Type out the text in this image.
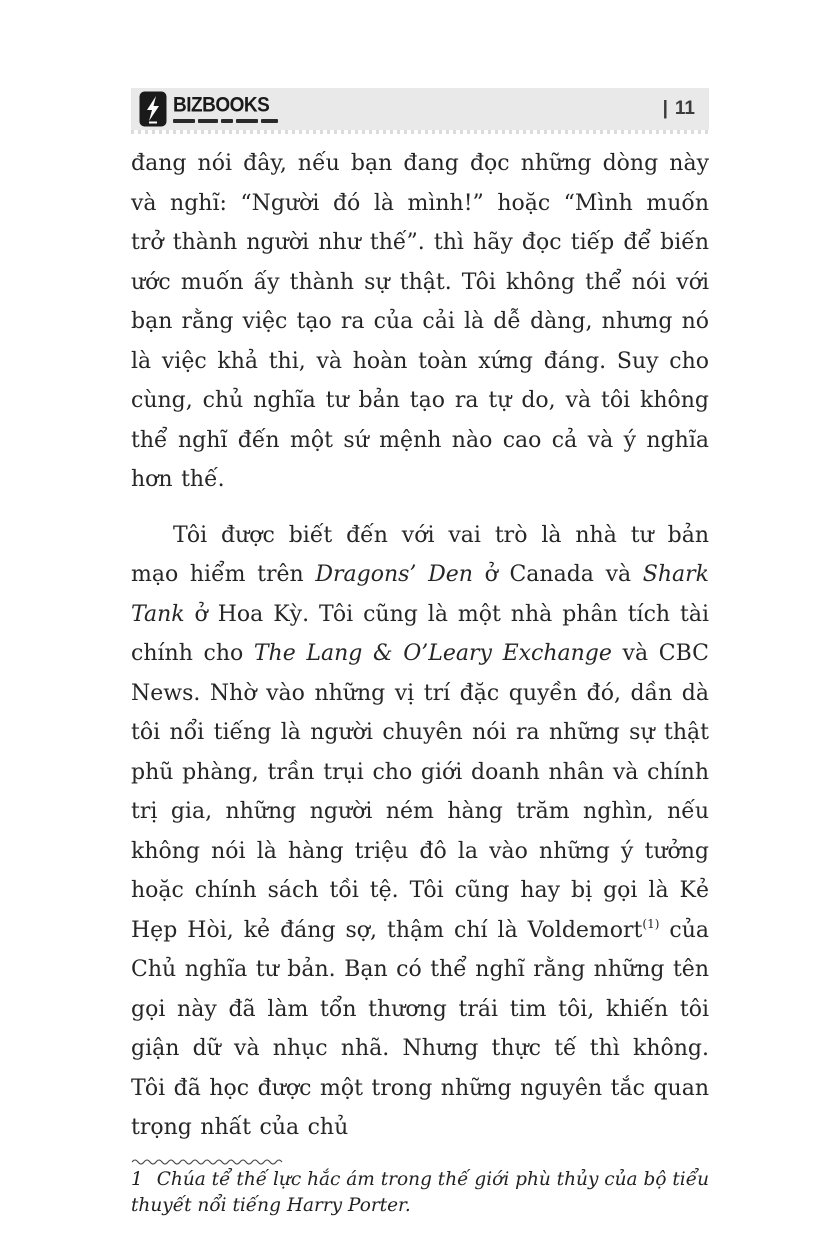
BIZBOOKS	| 11

đang nói đây, nếu bạn đang đọc những dòng này và nghĩ: “Người đó là mình!” hoặc “Mình muốn trở thành người như thế”. thì hãy đọc tiếp để biến ước muốn ấy thành sự thật. Tôi không thể nói với bạn rằng việc tạo ra của cải là dễ dàng, nhưng nó là việc khả thi, và hoàn toàn xứng đáng. Suy cho cùng, chủ nghĩa tư bản tạo ra tự do, và tôi không thể nghĩ đến một sứ mệnh nào cao cả và ý nghĩa hơn thế.

Tôi được biết đến với vai trò là nhà tư bản mạo hiểm trên Dragons’ Den ở Canada và Shark Tank ở Hoa Kỳ. Tôi cũng là một nhà phân tích tài chính cho The Lang & O’Leary Exchange và CBC News. Nhờ vào những vị trí đặc quyền đó, dần dà tôi nổi tiếng là người chuyên nói ra những sự thật phũ phàng, trần trụi cho giới doanh nhân và chính trị gia, những người ném hàng trăm nghìn, nếu không nói là hàng triệu đô la vào những ý tưởng hoặc chính sách tồi tệ. Tôi cũng hay bị gọi là Kẻ Hẹp Hòi, kẻ đáng sợ, thậm chí là Voldemort$^{(1)}$ của Chủ nghĩa tư bản. Bạn có thể nghĩ rằng những tên gọi này đã làm tổn thương trái tim tôi, khiến tôi giận dữ và nhục nhã. Nhưng thực tế thì không. Tôi đã học được một trong những nguyên tắc quan trọng nhất của chủ

1 Chúa tể thế lực hắc ám trong thế giới phù thủy của bộ tiểu thuyết nổi tiếng Harry Porter.
